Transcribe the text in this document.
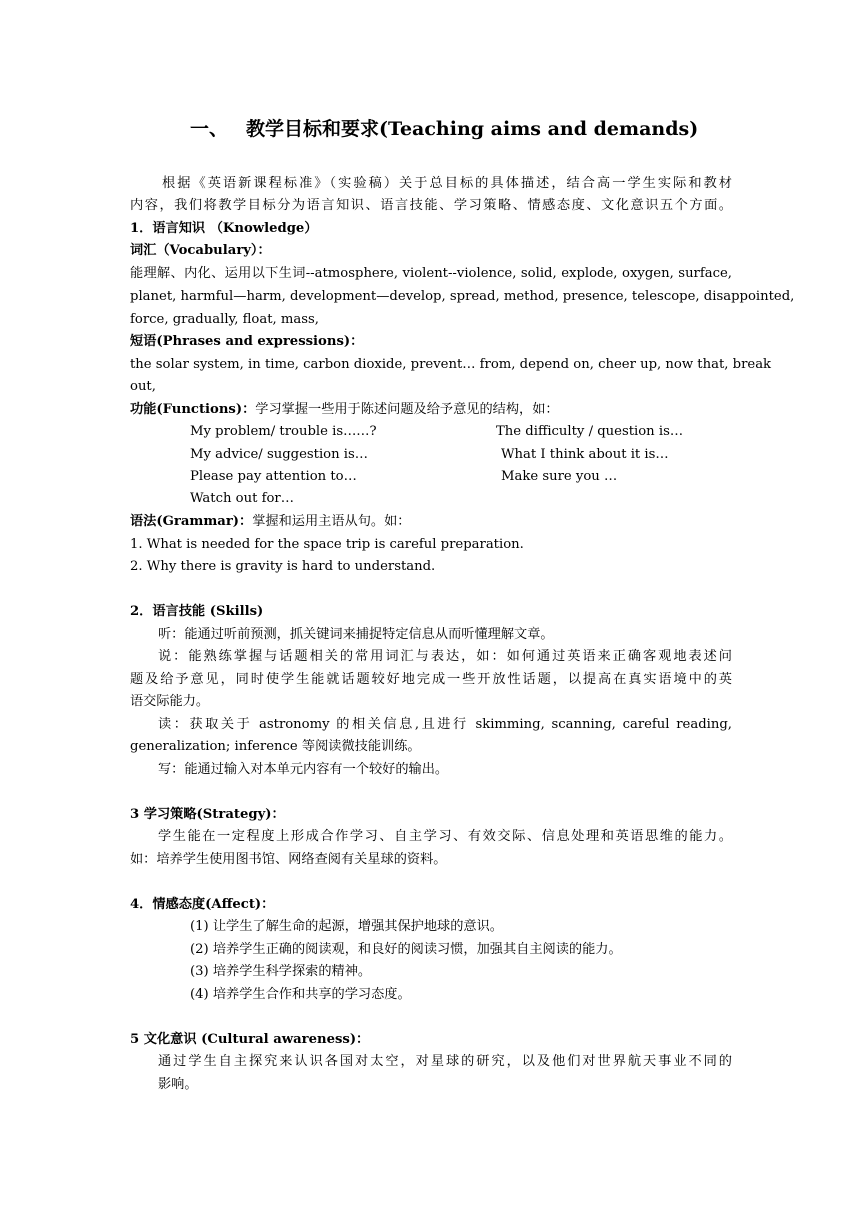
一、 教学目标和要求(Teaching aims and demands)
根据《英语新课程标准》（实验稿）关于总目标的具体描述，结合高一学生实际和教材
内容，我们将教学目标分为语言知识、语言技能、学习策略、情感态度、文化意识五个方面。
1．语言知识 （Knowledge）
词汇（Vocabulary）：
能理解、内化、运用以下生词--atmosphere, violent--violence, solid, explode, oxygen, surface,
planet, harmful—harm, development—develop, spread, method, presence, telescope, disappointed,
force, gradually, float, mass,
短语(Phrases and expressions)：
the solar system, in time, carbon dioxide, prevent… from, depend on, cheer up, now that, break
out,
功能(Functions)：学习掌握一些用于陈述问题及给予意见的结构，如：
My problem/ trouble is……?	The difficulty / question is…
My advice/ suggestion is…	What I think about it is…
Please pay attention to…	Make sure you …
Watch out for…
语法(Grammar)：掌握和运用主语从句。如：
1. What is needed for the space trip is careful preparation.
2. Why there is gravity is hard to understand.
2．语言技能 (Skills)
听：能通过听前预测，抓关键词来捕捉特定信息从而听懂理解文章。
说：能熟练掌握与话题相关的常用词汇与表达，如：如何通过英语来正确客观地表述问
题及给予意见，同时使学生能就话题较好地完成一些开放性话题，以提高在真实语境中的英
语交际能力。
读：获取关于 astronomy 的相关信息,且进行 skimming, scanning, careful reading,
generalization; inference 等阅读微技能训练。
写：能通过输入对本单元内容有一个较好的输出。
3 学习策略(Strategy)：
学生能在一定程度上形成合作学习、自主学习、有效交际、信息处理和英语思维的能力。
如：培养学生使用图书馆、网络查阅有关星球的资料。
4．情感态度(Affect)：
(1) 让学生了解生命的起源，增强其保护地球的意识。
(2) 培养学生正确的阅读观，和良好的阅读习惯，加强其自主阅读的能力。
(3) 培养学生科学探索的精神。
(4) 培养学生合作和共享的学习态度。
5 文化意识 (Cultural awareness)：
通过学生自主探究来认识各国对太空，对星球的研究，以及他们对世界航天事业不同的
影响。
